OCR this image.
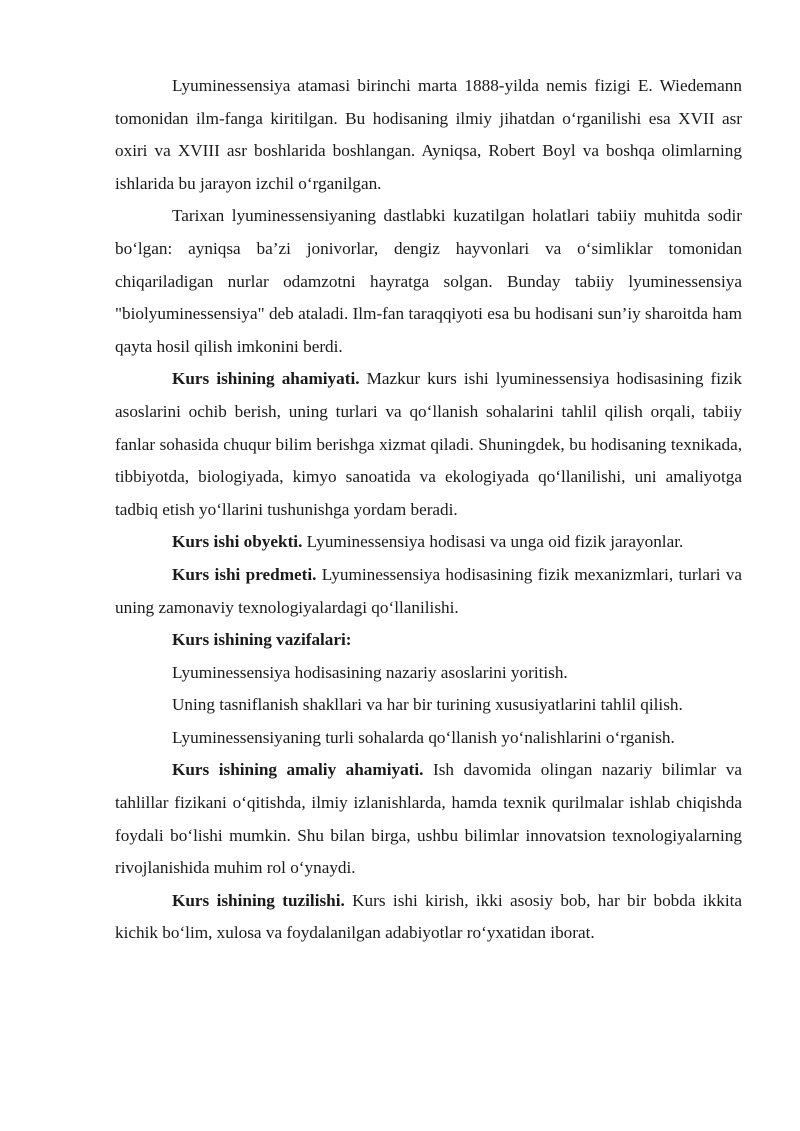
Lyuminessensiya atamasi birinchi marta 1888-yilda nemis fizigi E. Wiedemann tomonidan ilm-fanga kiritilgan. Bu hodisaning ilmiy jihatdan o‘rganilishi esa XVII asr oxiri va XVIII asr boshlarida boshlangan. Ayniqsa, Robert Boyl va boshqa olimlarning ishlarida bu jarayon izchil o‘rganilgan.

Tarixan lyuminessensiyaning dastlabki kuzatilgan holatlari tabiiy muhitda sodir bo‘lgan: ayniqsa ba’zi jonivorlar, dengiz hayvonlari va o‘simliklar tomonidan chiqariladigan nurlar odamzotni hayratga solgan. Bunday tabiiy lyuminessensiya "biolyuminessensiya" deb ataladi. Ilm-fan taraqqiyoti esa bu hodisani sun’iy sharoitda ham qayta hosil qilish imkonini berdi.

Kurs ishining ahamiyati. Mazkur kurs ishi lyuminessensiya hodisasining fizik asoslarini ochib berish, uning turlari va qo‘llanish sohalarini tahlil qilish orqali, tabiiy fanlar sohasida chuqur bilim berishga xizmat qiladi. Shuningdek, bu hodisaning texnikada, tibbiyotda, biologiyada, kimyo sanoatida va ekologiyada qo‘llanilishi, uni amaliyotga tadbiq etish yo‘llarini tushunishga yordam beradi.

Kurs ishi obyekti. Lyuminessensiya hodisasi va unga oid fizik jarayonlar.

Kurs ishi predmeti. Lyuminessensiya hodisasining fizik mexanizmlari, turlari va uning zamonaviy texnologiyalardagi qo‘llanilishi.

Kurs ishining vazifalari:

Lyuminessensiya hodisasining nazariy asoslarini yoritish.

Uning tasniflanish shakllari va har bir turining xususiyatlarini tahlil qilish.

Lyuminessensiyaning turli sohalarda qo‘llanish yo‘nalishlarini o‘rganish.

Kurs ishining amaliy ahamiyati. Ish davomida olingan nazariy bilimlar va tahlillar fizikani o‘qitishda, ilmiy izlanishlarda, hamda texnik qurilmalar ishlab chiqishda foydali bo‘lishi mumkin. Shu bilan birga, ushbu bilimlar innovatsion texnologiyalarning rivojlanishida muhim rol o‘ynaydi.

Kurs ishining tuzilishi. Kurs ishi kirish, ikki asosiy bob, har bir bobda ikkita kichik bo‘lim, xulosa va foydalanilgan adabiyotlar ro‘yxatidan iborat.
